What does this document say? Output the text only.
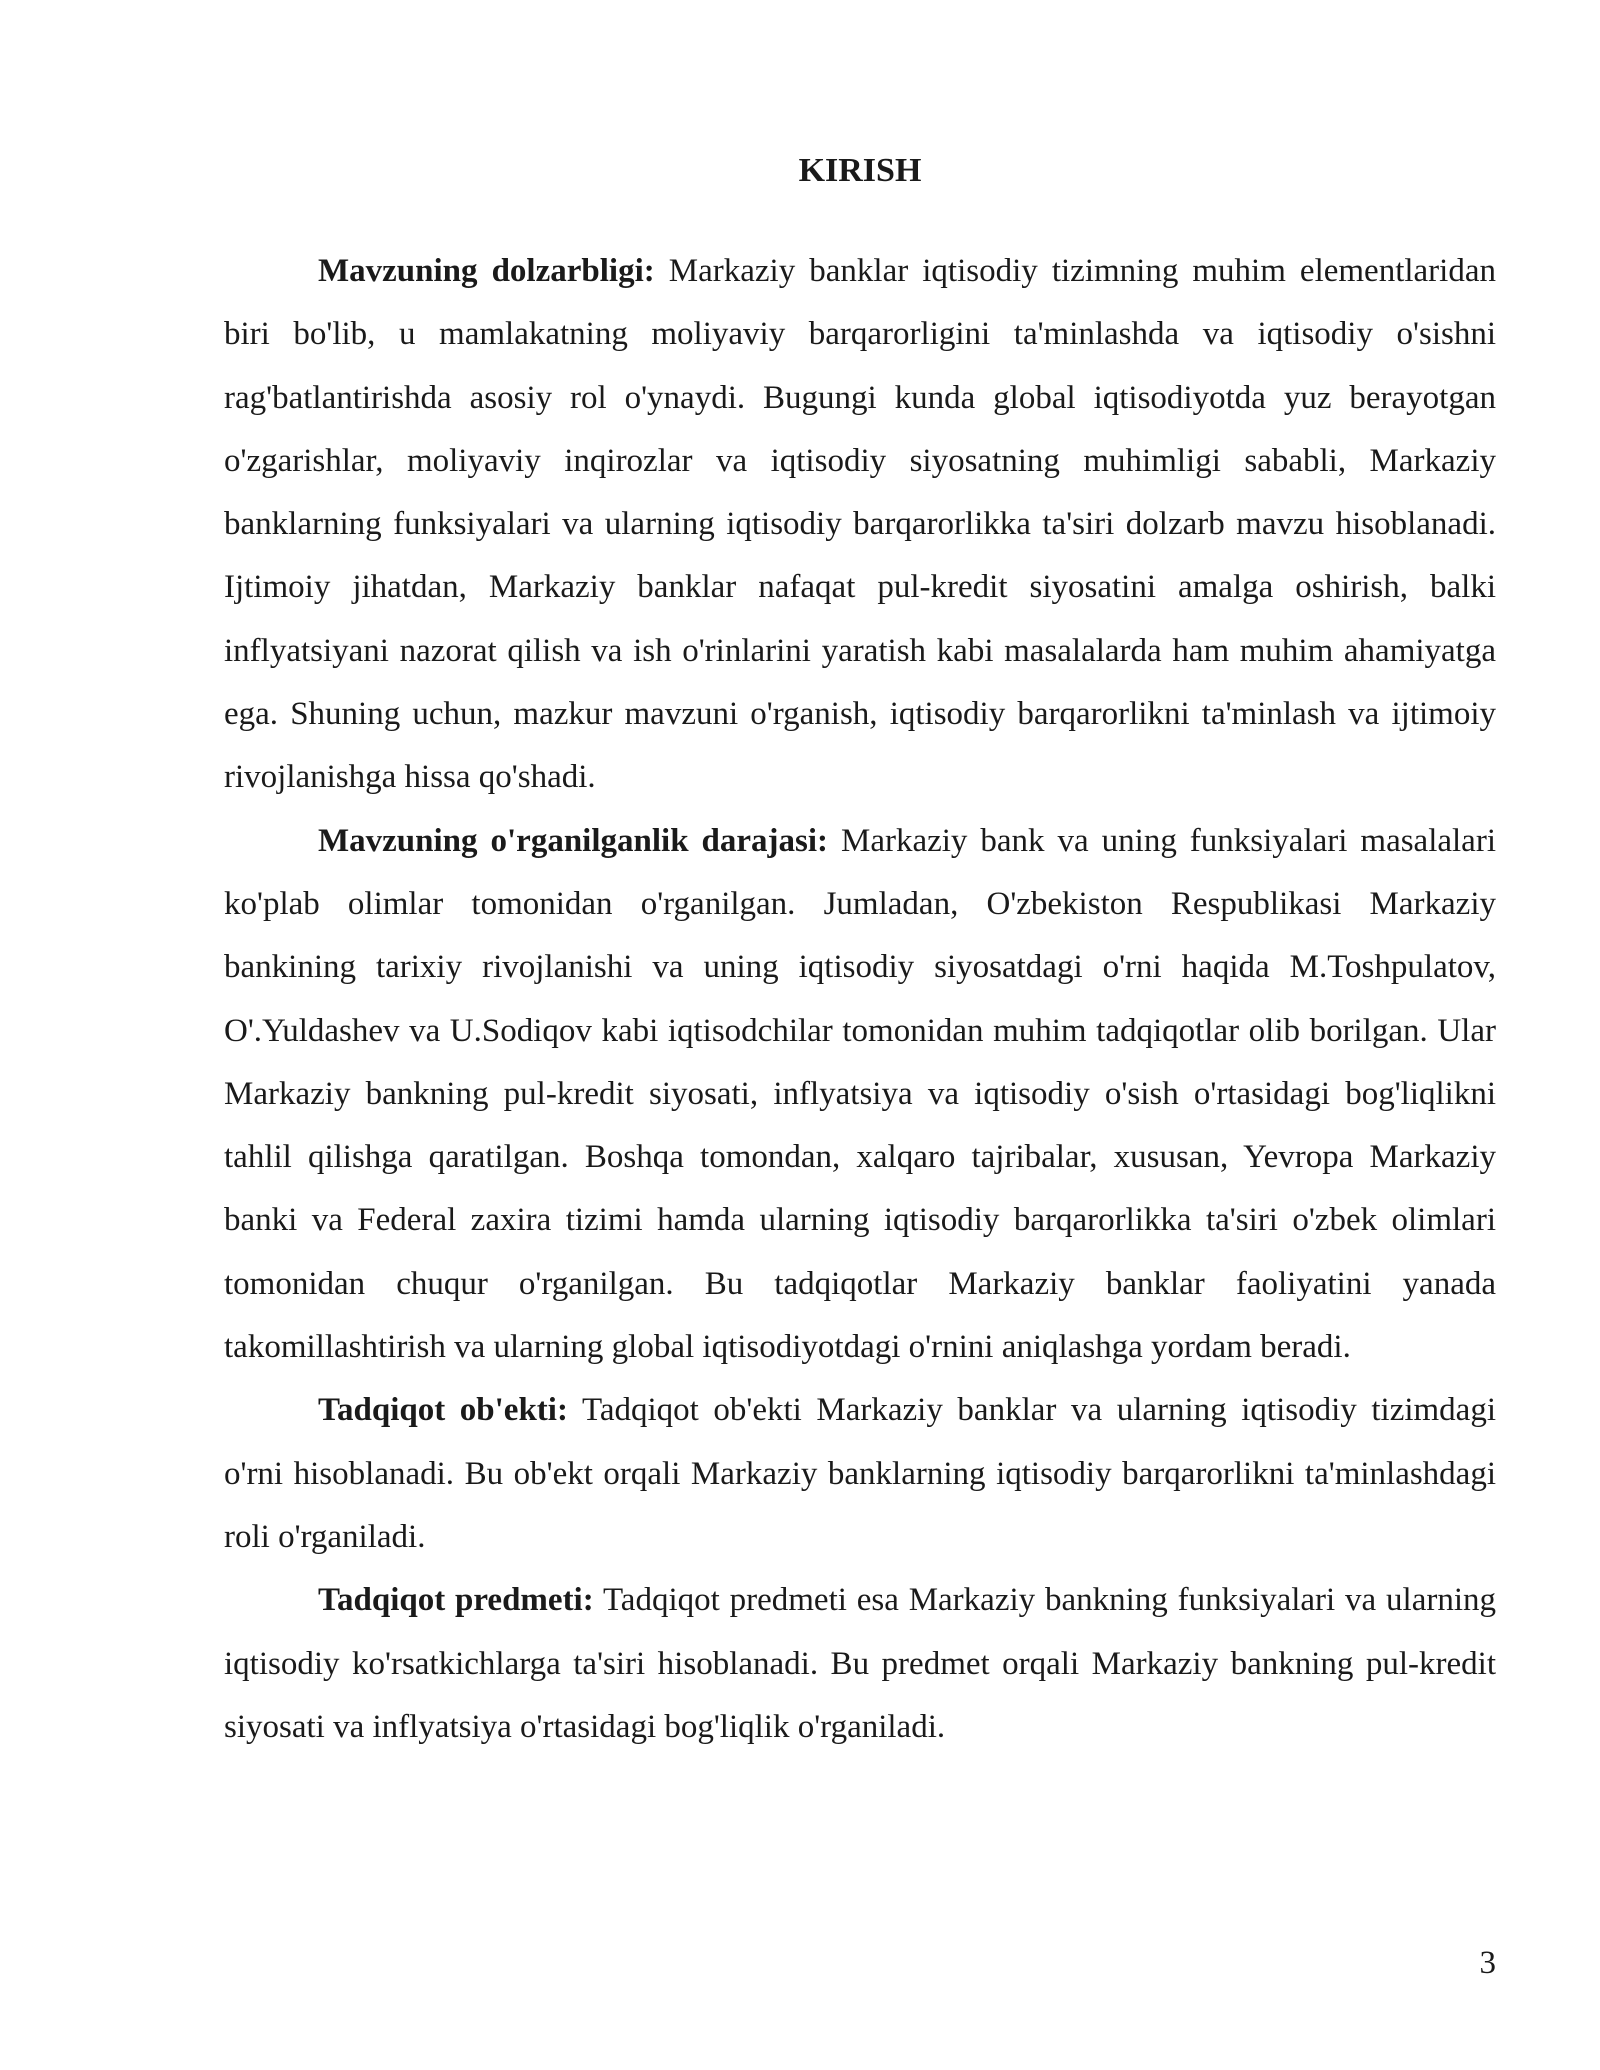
KIRISH

Mavzuning dolzarbligi: Markaziy banklar iqtisodiy tizimning muhim elementlaridan biri bo'lib, u mamlakatning moliyaviy barqarorligini ta'minlashda va iqtisodiy o'sishni rag'batlantirishda asosiy rol o'ynaydi. Bugungi kunda global iqtisodiyotda yuz berayotgan o'zgarishlar, moliyaviy inqirozlar va iqtisodiy siyosatning muhimligi sababli, Markaziy banklarning funksiyalari va ularning iqtisodiy barqarorlikka ta'siri dolzarb mavzu hisoblanadi. Ijtimoiy jihatdan, Markaziy banklar nafaqat pul-kredit siyosatini amalga oshirish, balki inflyatsiyani nazorat qilish va ish o'rinlarini yaratish kabi masalalarda ham muhim ahamiyatga ega. Shuning uchun, mazkur mavzuni o'rganish, iqtisodiy barqarorlikni ta'minlash va ijtimoiy rivojlanishga hissa qo'shadi.

Mavzuning o'rganilganlik darajasi: Markaziy bank va uning funksiyalari masalalari ko'plab olimlar tomonidan o'rganilgan. Jumladan, O'zbekiston Respublikasi Markaziy bankining tarixiy rivojlanishi va uning iqtisodiy siyosatdagi o'rni haqida M.Toshpulatov, O'.Yuldashev va U.Sodiqov kabi iqtisodchilar tomonidan muhim tadqiqotlar olib borilgan. Ular Markaziy bankning pul-kredit siyosati, inflyatsiya va iqtisodiy o'sish o'rtasidagi bog'liqlikni tahlil qilishga qaratilgan. Boshqa tomondan, xalqaro tajribalar, xususan, Yevropa Markaziy banki va Federal zaxira tizimi hamda ularning iqtisodiy barqarorlikka ta'siri o'zbek olimlari tomonidan chuqur o'rganilgan. Bu tadqiqotlar Markaziy banklar faoliyatini yanada takomillashtirish va ularning global iqtisodiyotdagi o'rnini aniqlashga yordam beradi.

Tadqiqot ob'ekti: Tadqiqot ob'ekti Markaziy banklar va ularning iqtisodiy tizimdagi o'rni hisoblanadi. Bu ob'ekt orqali Markaziy banklarning iqtisodiy barqarorlikni ta'minlashdagi roli o'rganiladi.

Tadqiqot predmeti: Tadqiqot predmeti esa Markaziy bankning funksiyalari va ularning iqtisodiy ko'rsatkichlarga ta'siri hisoblanadi. Bu predmet orqali Markaziy bankning pul-kredit siyosati va inflyatsiya o'rtasidagi bog'liqlik o'rganiladi.

3
